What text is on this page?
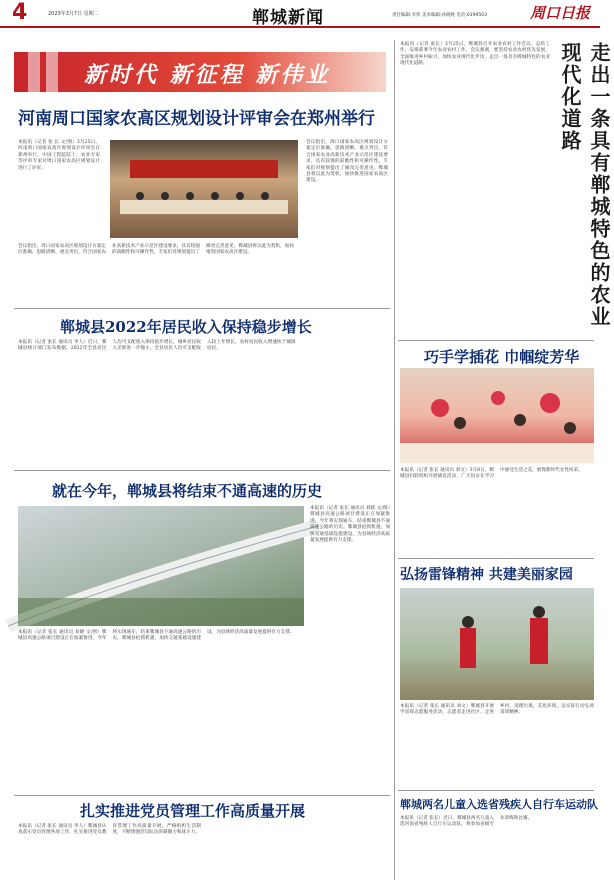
4	2023年3月7日 星期二	郸城新闻	责任编辑:李伟 美术编辑:孙晓秋 电话:6199503	周口日报
新时代 新征程 新伟业
河南周口国家农高区规划设计评审会在郑州举行
本报讯（记者 张 长 文/图）3月25日，河南周口国家农高区规划设计评审会在郑州举行。中国工程院院士、农业专家等评审专家对周口国家农高区规划设计进行了评审。
会议指出，周口国家农高区规划设计方案定位准确、思路清晰、重点突出，符合国家农业高新技术产业示范区建设要求，具有较强的前瞻性和可操作性。专家们对规划提出了修改完善意见。郸城县将以此为契机，加快推进国家农高区建设。
会议指出，周口国家农高区规划设计方案定位准确、思路清晰、重点突出，符合国家农业高新技术产业示范区建设要求，具有较强的前瞻性和可操作性。专家们对规划提出了修改完善意见。郸城县将以此为契机，加快推进国家农高区建设。
郸城县2022年居民收入保持稳步增长
本报讯（记者 张长 通讯员 李人）近日，郸城县统计部门发布数据，2022年全县居民人均可支配收入保持稳步增长，城乡居民收入差距进一步缩小。全县居民人均可支配收入较上年增长，农村居民收入增速快于城镇居民。
就在今年，郸城县将结束不通高速的历史
本报讯（记者 张长 通讯员 刘晓 文/图）郸城县高速公路项目建设正在加紧推进，今年将实现通车，结束郸城县不通高速公路的历史。郸城县抢抓机遇，加快交通基础设施建设，为县域经济高质量发展提供有力支撑。
本报讯（记者 张长 通讯员 刘晓 文/图）郸城县高速公路项目建设正在加紧推进，今年将实现通车，结束郸城县不通高速公路的历史。郸城县抢抓机遇，加快交通基础设施建设，为县域经济高质量发展提供有力支撑。
扎实推进党员管理工作高质量开展
本报讯（记者 张长 通讯员 李人）郸城县认真落实党员管理各项工作，扎实推进党员教育管理工作高质量开展，严格组织生活制度，不断增强党员队伍的凝聚力和战斗力。
本报讯（记者 张长）3月25日，郸城县召开农业农村工作会议，总结工作，安排部署今年农业农村工作。会议强调，要坚持农业农村优先发展，全面推进乡村振兴，加快农业现代化步伐，走出一条具有郸城特色的农业现代化道路。	走出一条具有郸城特色的农业现代化道路
巧手学插花 巾帼绽芳华
本报讯（记者 张长 通讯员 刘文）3月8日，郸城县妇联组织开展插花活动，广大妇女在学习中感受生活之美，展现新时代女性风采。
弘扬雷锋精神 共建美丽家园
本报讯（记者 张长 通讯员 刘文）郸城县开展学雷锋志愿服务活动，志愿者走进社区、走进乡村，清理垃圾，美化环境，以实际行动弘扬雷锋精神。
郸城两名儿童入选省残疾人自行车运动队
本报讯（记者 张长）近日，郸城县两名儿童入选河南省残疾人自行车运动队，将参加省级专业训练和比赛。
